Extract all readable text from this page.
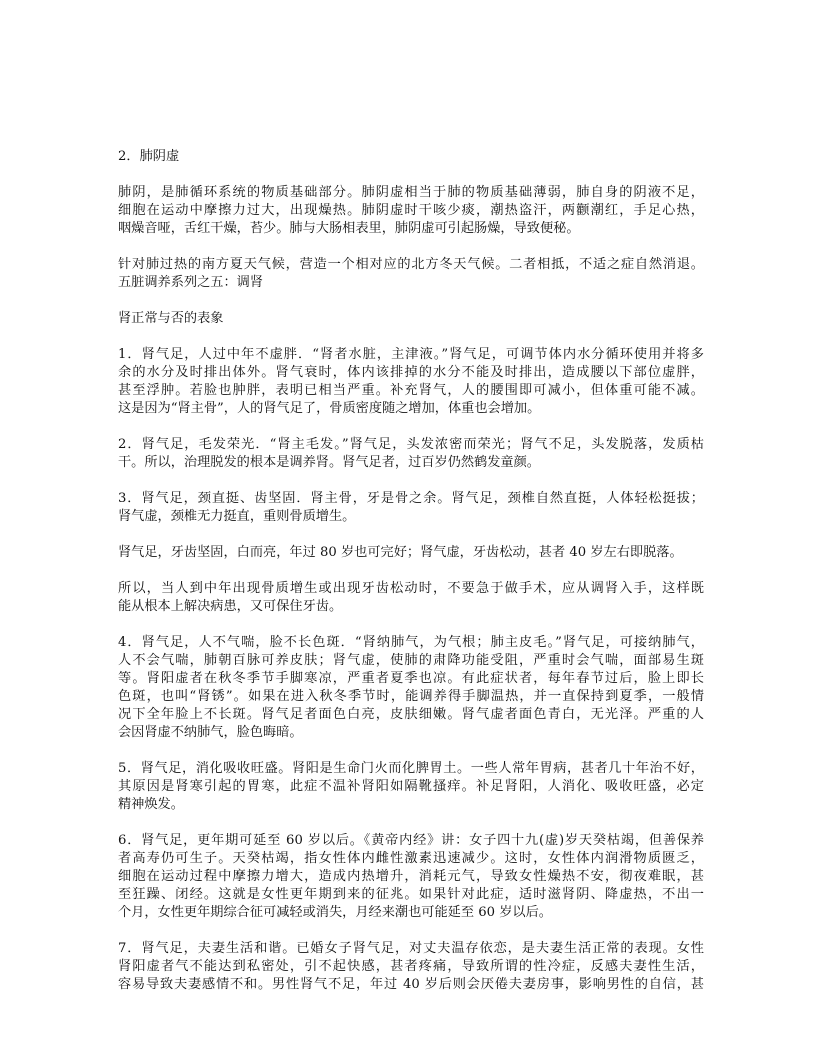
2．肺阴虚
肺阴，是肺循环系统的物质基础部分。肺阴虚相当于肺的物质基础薄弱，肺自身的阴液不足，
细胞在运动中摩擦力过大，出现燥热。肺阴虚时干咳少痰，潮热盗汗，两颧潮红，手足心热，
咽燥音哑，舌红干燥，苔少。肺与大肠相表里，肺阴虚可引起肠燥，导致便秘。
针对肺过热的南方夏天气候，营造一个相对应的北方冬天气候。二者相抵，不适之症自然消退。
五脏调养系列之五：调肾
肾正常与否的表象
1．肾气足，人过中年不虚胖．“肾者水脏，主津液。”肾气足，可调节体内水分循环使用并将多
余的水分及时排出体外。肾气衰时，体内该排掉的水分不能及时排出，造成腰以下部位虚胖，
甚至浮肿。若脸也肿胖，表明已相当严重。补充肾气，人的腰围即可减小，但体重可能不减。
这是因为“肾主骨”，人的肾气足了，骨质密度随之增加，体重也会增加。
2．肾气足，毛发荣光．“肾主毛发。”肾气足，头发浓密而荣光；肾气不足，头发脱落，发质枯
干。所以，治理脱发的根本是调养肾。肾气足者，过百岁仍然鹤发童颜。
3．肾气足，颈直挺、齿坚固．肾主骨，牙是骨之余。肾气足，颈椎自然直挺，人体轻松挺拔；
肾气虚，颈椎无力挺直，重则骨质增生。
肾气足，牙齿坚固，白而亮，年过 80 岁也可完好；肾气虚，牙齿松动，甚者 40 岁左右即脱落。
所以，当人到中年出现骨质增生或出现牙齿松动时，不要急于做手术，应从调肾入手，这样既
能从根本上解决病患，又可保住牙齿。
4．肾气足，人不气喘，脸不长色斑．“肾纳肺气，为气根；肺主皮毛。”肾气足，可接纳肺气，
人不会气喘，肺朝百脉可养皮肤；肾气虚，使肺的肃降功能受阻，严重时会气喘，面部易生斑
等。肾阳虚者在秋冬季节手脚寒凉，严重者夏季也凉。有此症状者，每年春节过后，脸上即长
色斑，也叫“肾锈”。如果在进入秋冬季节时，能调养得手脚温热，并一直保持到夏季，一般情
况下全年脸上不长斑。肾气足者面色白亮，皮肤细嫩。肾气虚者面色青白，无光泽。严重的人
会因肾虚不纳肺气，脸色晦暗。
5．肾气足，消化吸收旺盛。肾阳是生命门火而化脾胃土。一些人常年胃病，甚者几十年治不好，
其原因是肾寒引起的胃寒，此症不温补肾阳如隔靴搔痒。补足肾阳，人消化、吸收旺盛，必定
精神焕发。
6．肾气足，更年期可延至 60 岁以后。《黄帝内经》讲：女子四十九(虚)岁天癸枯竭，但善保养
者高寿仍可生子。天癸枯竭，指女性体内雌性激素迅速减少。这时，女性体内润滑物质匮乏，
细胞在运动过程中摩擦力增大，造成内热增升，消耗元气，导致女性燥热不安，彻夜难眠，甚
至狂躁、闭经。这就是女性更年期到来的征兆。如果针对此症，适时滋肾阴、降虚热，不出一
个月，女性更年期综合征可减轻或消失，月经来潮也可能延至 60 岁以后。
7．肾气足，夫妻生活和谐。已婚女子肾气足，对丈夫温存依恋，是夫妻生活正常的表现。女性
肾阳虚者气不能达到私密处，引不起快感，甚者疼痛，导致所谓的性冷症，反感夫妻性生活，
容易导致夫妻感情不和。男性肾气不足，年过 40 岁后则会厌倦夫妻房事，影响男性的自信，甚
